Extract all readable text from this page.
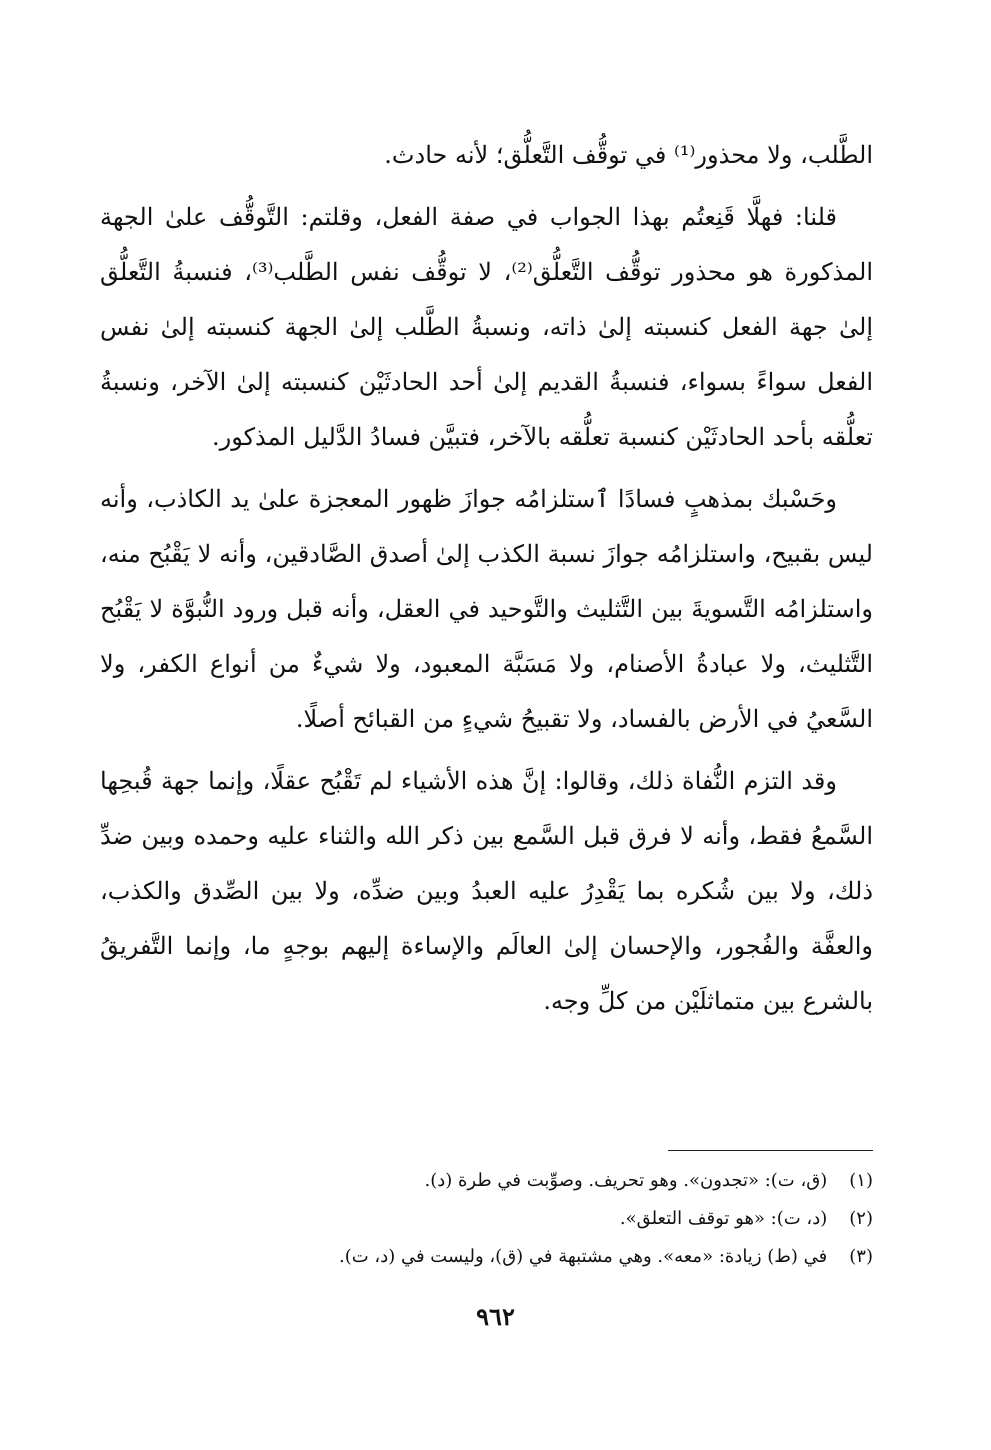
الطَّلب، ولا محذور⁽¹⁾ في توقُّف التَّعلُّق؛ لأنه حادث.

قلنا: فهلَّا قَنِعتُم بهذا الجواب في صفة الفعل، وقلتم: التَّوقُّف علىٰ الجهة المذكورة هو محذور توقُّف التَّعلُّق⁽²⁾، لا توقُّف نفس الطَّلب⁽³⁾، فنسبةُ التَّعلُّق إلىٰ جهة الفعل كنسبته إلىٰ ذاته، ونسبةُ الطَّلب إلىٰ الجهة كنسبته إلىٰ نفس الفعل سواءً بسواء، فنسبةُ القديم إلىٰ أحد الحادثَيْن كنسبته إلىٰ الآخر، ونسبةُ تعلُّقه بأحد الحادثَيْن كنسبة تعلُّقه بالآخر، فتبيَّن فسادُ الدَّليل المذكور.

وحَسْبك بمذهبٍ فسادًا ٱستلزامُه جوازَ ظهور المعجزة علىٰ يد الكاذب، وأنه ليس بقبيح، واستلزامُه جوازَ نسبة الكذب إلىٰ أصدق الصَّادقين، وأنه لا يَقْبُح منه، واستلزامُه التَّسويةَ بين التَّثليث والتَّوحيد في العقل، وأنه قبل ورود النُّبوَّة لا يَقْبُح التَّثليث، ولا عبادةُ الأصنام، ولا مَسَبَّة المعبود، ولا شيءٌ من أنواع الكفر، ولا السَّعيُ في الأرض بالفساد، ولا تقبيحُ شيءٍ من القبائح أصلًا.

وقد التزم النُّفاة ذلك، وقالوا: إنَّ هذه الأشياء لم تَقْبُح عقلًا، وإنما جهة قُبحِها السَّمعُ فقط، وأنه لا فرق قبل السَّمع بين ذكر الله والثناء عليه وحمده وبين ضدِّ ذلك، ولا بين شُكره بما يَقْدِرُ عليه العبدُ وبين ضدِّه، ولا بين الصِّدق والكذب، والعفَّة والفُجور، والإحسان إلىٰ العالَم والإساءة إليهم بوجهٍ ما، وإنما التَّفريقُ بالشرع بين متماثلَيْن من كلِّ وجه.

(١) (ق، ت): «تجدون». وهو تحريف. وصوِّبت في طرة (د).

(٢) (د، ت): «هو توقف التعلق».

(٣) في (ط) زيادة: «معه». وهي مشتبهة في (ق)، وليست في (د، ت).

٩٦٢
